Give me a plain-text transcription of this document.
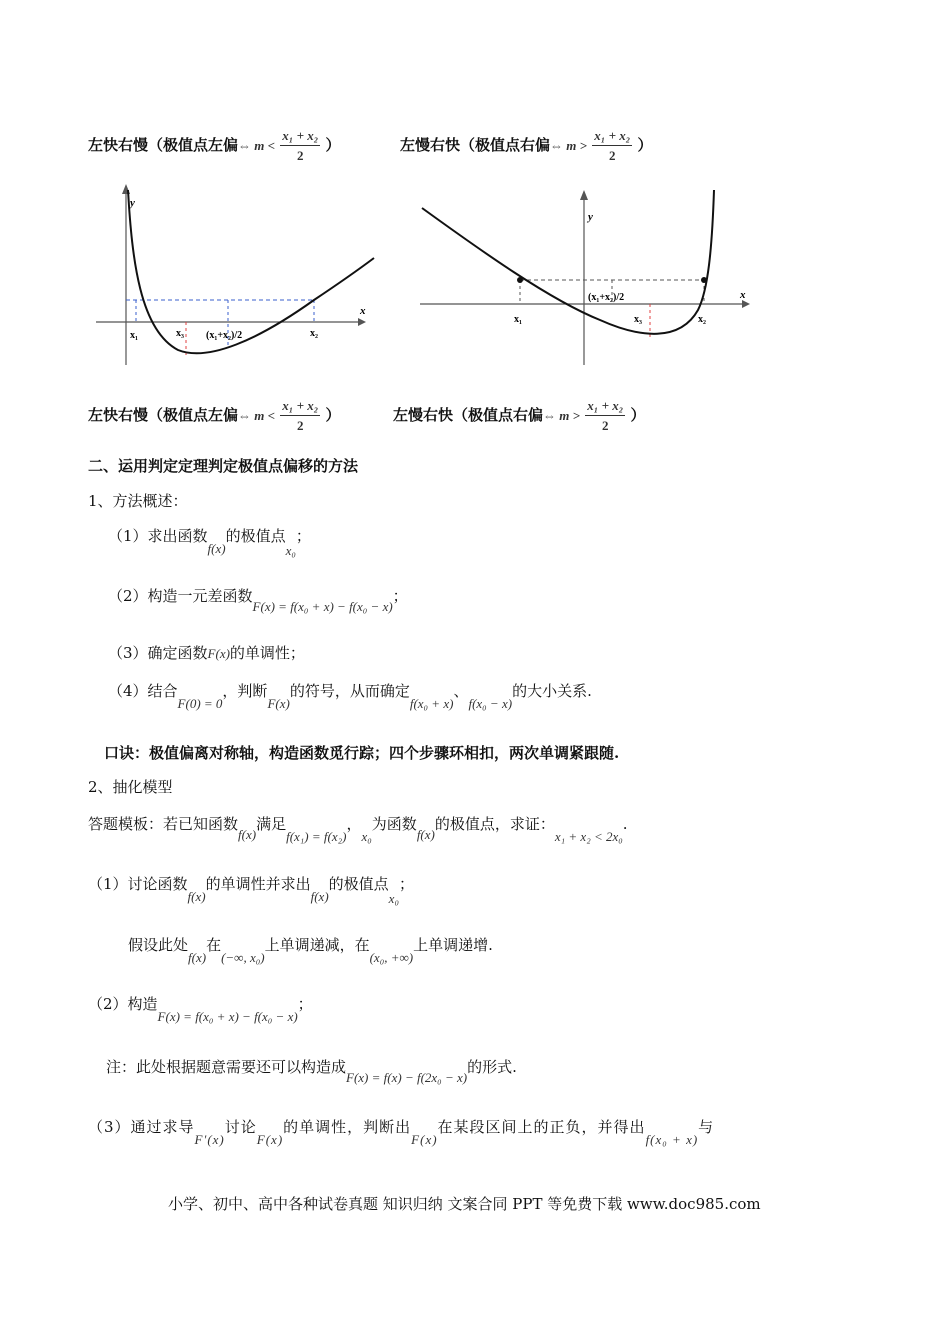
左快右慢（极值点左偏⇔ $m < \frac{\text{x₁ + x₂}}{2}$ ）	左慢右快（极值点右偏⇔ $m > \frac{\text{x₁ + x₂}}{2}$ ）
y
x
x₁	x₃ (x₁+x₂)/2	x₂
y
x
x₁	x₃
(x₁+x₂)/2
x₂
左快右慢（极值点左偏⇔ $m < \frac{\text{x₁ + x₂}}{2}$ ）	左慢右快（极值点右偏⇔ $m > \frac{\text{x₁ + x₂}}{2}$ ）
二、运用判定定理判定极值点偏移的方法
1、方法概述：
（1）求出函数f(x)的极值点x₀；
（2）构造一元差函数F(x) = f(x₀ + x) − f(x₀ − x)；
（3）确定函数F(x)的单调性；
（4）结合F(0) = 0，判断F(x)的符号，从而确定f(x₀ + x)、f(x₀ − x)的大小关系.
口诀：极值偏离对称轴，构造函数觅行踪；四个步骤环相扣，两次单调紧跟随.
2、抽化模型
答题模板：若已知函数f(x)满足f(x₁) = f(x₂)，x₀为函数f(x)的极值点，求证：x₁ + x₂ < 2x₀.
（1）讨论函数f(x)的单调性并求出f(x)的极值点x₀；
假设此处f(x)在(−∞, x₀)上单调递减，在(x₀, +∞)上单调递增.
（2）构造F(x) = f(x₀ + x) − f(x₀ − x)；
注：此处根据题意需要还可以构造成F(x) = f(x) − f(2x₀ − x)的形式.
（3）通过求导F′(x)讨论F(x)的单调性，判断出F(x)在某段区间上的正负，并得出f(x₀ + x)与
小学、初中、高中各种试卷真题 知识归纳 文案合同 PPT 等免费下载 www.doc985.com
